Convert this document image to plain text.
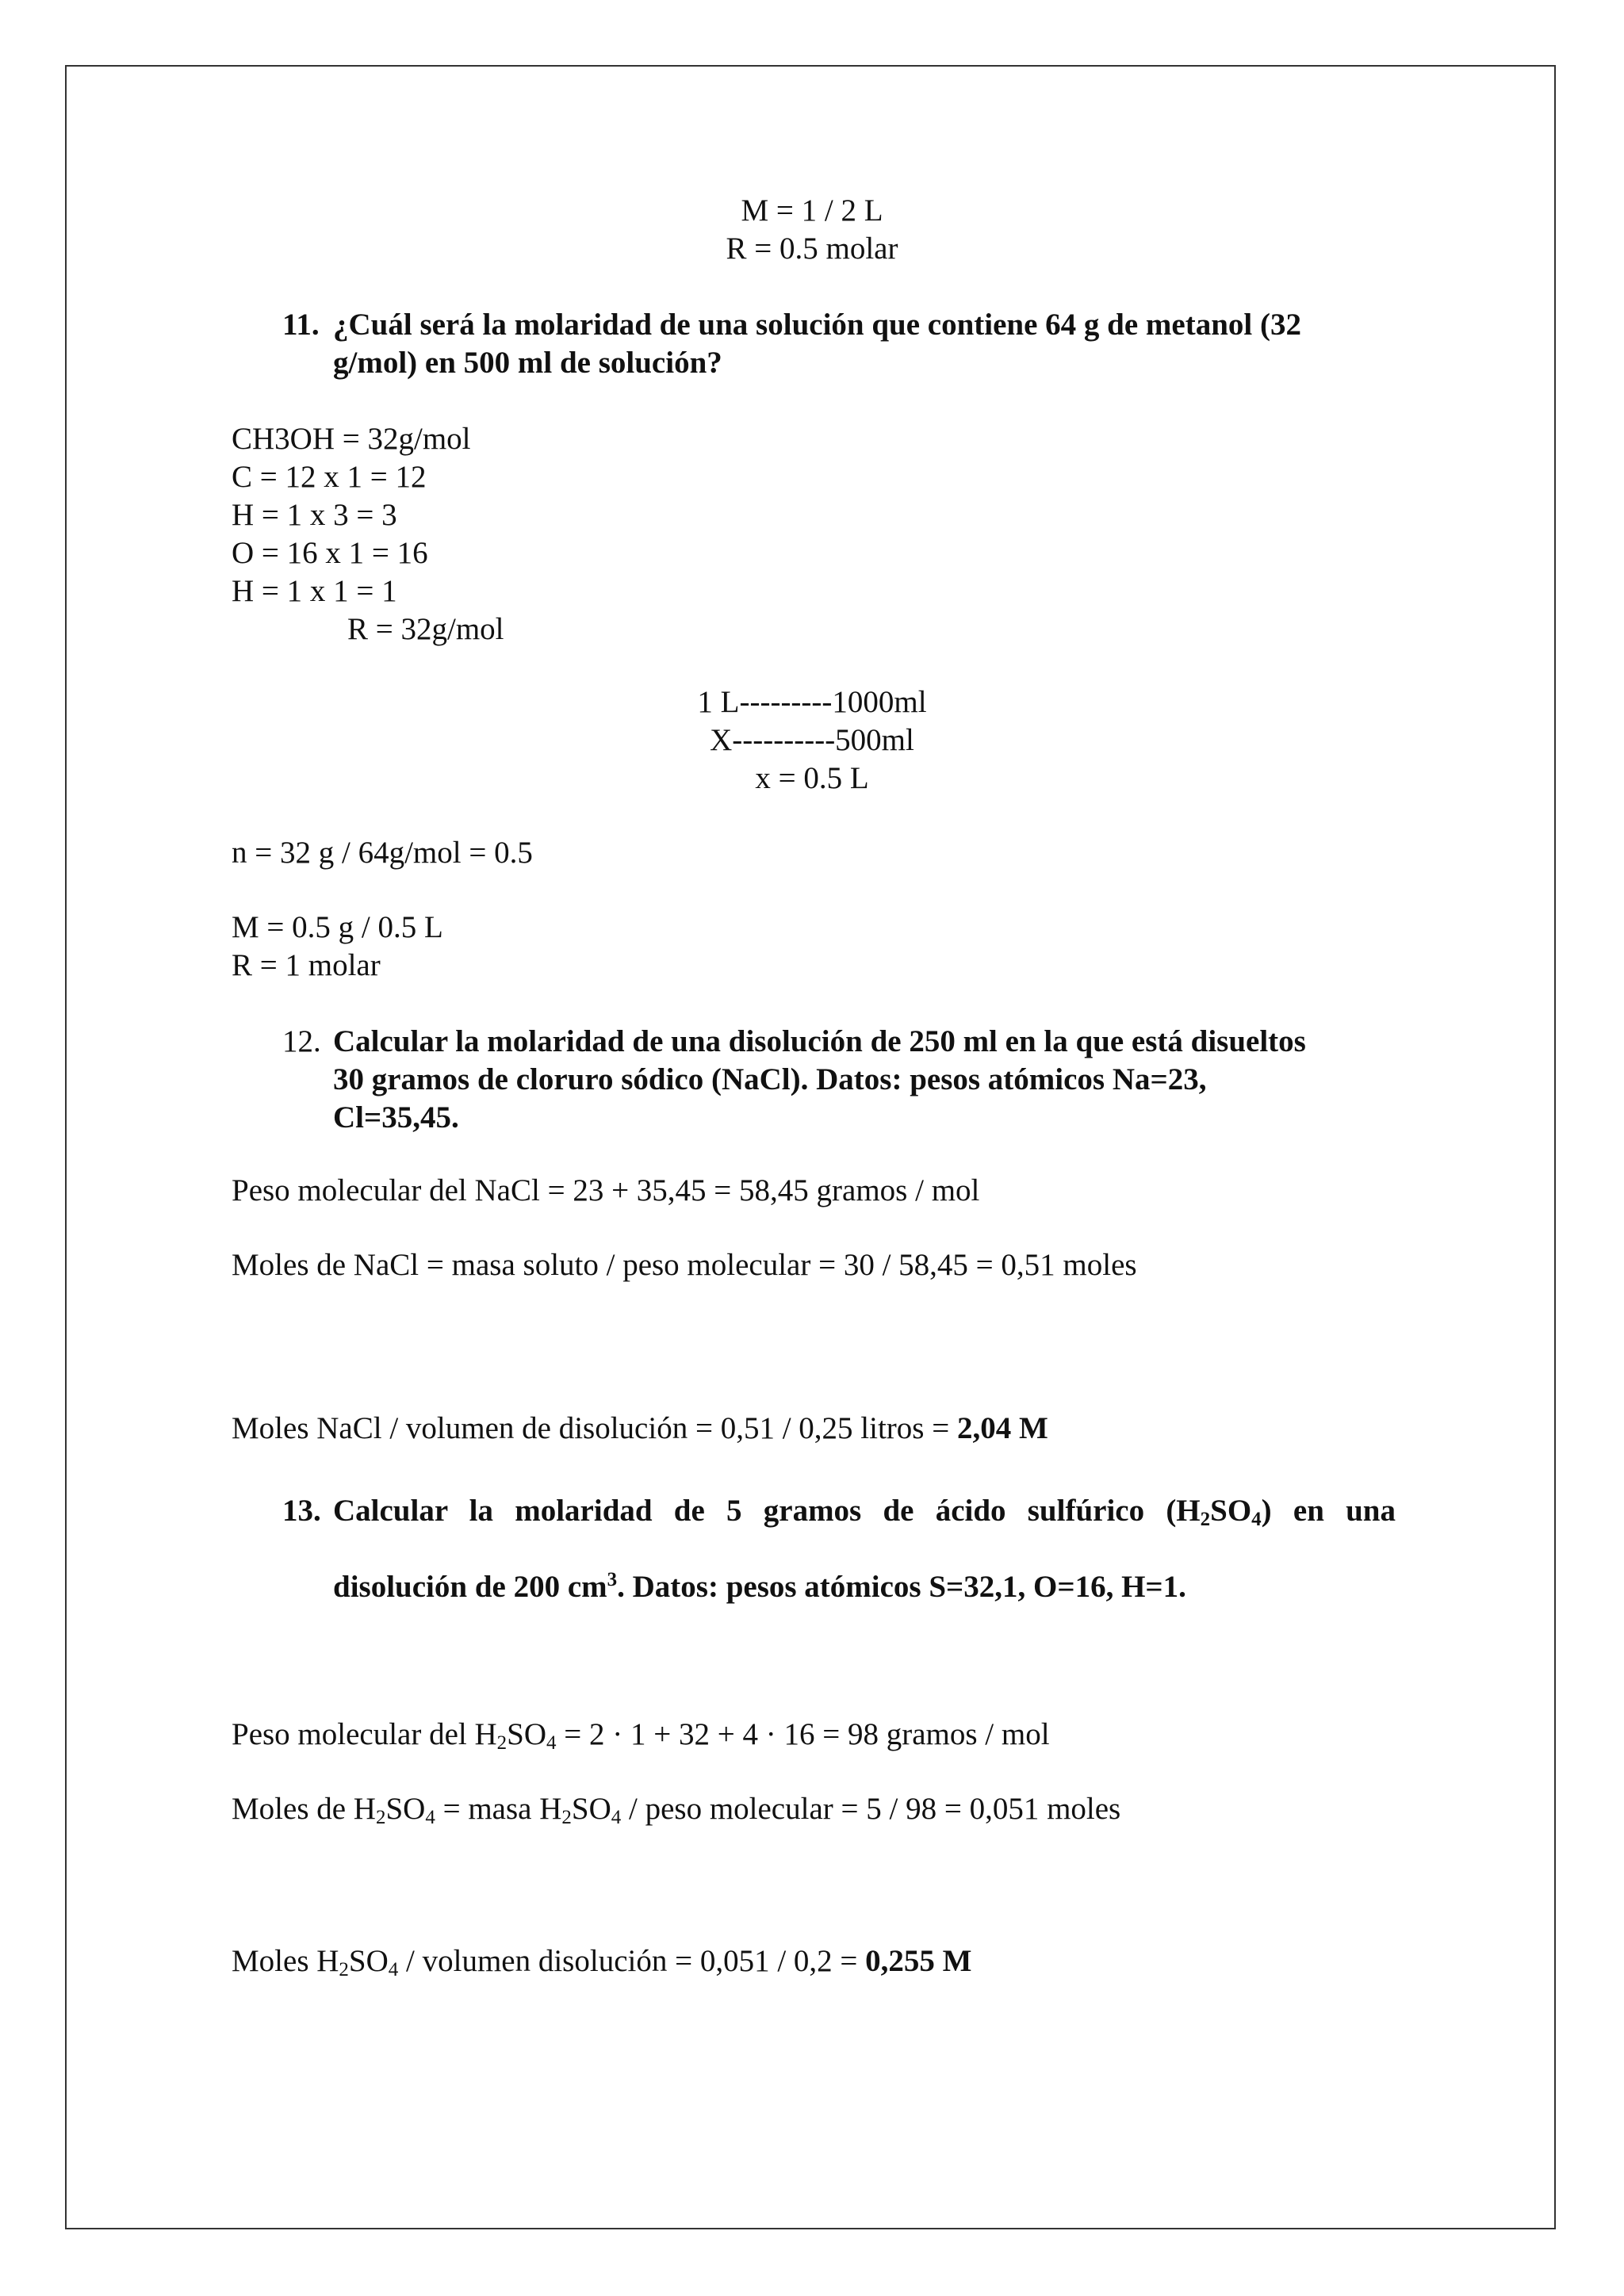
M = 1 / 2 L
R = 0.5 molar
11. ¿Cuál será la molaridad de una solución que contiene 64 g de metanol (32
g/mol) en 500 ml de solución?
CH3OH = 32g/mol
C = 12 x 1 = 12
H = 1 x 3 = 3
O = 16 x 1 = 16
H = 1 x 1 = 1
R = 32g/mol
1 L---------1000ml
X----------500ml
x = 0.5 L
n = 32 g / 64g/mol = 0.5
M = 0.5 g / 0.5 L
R = 1 molar
12. Calcular la molaridad de una disolución de 250 ml en la que está disueltos
30 gramos de cloruro sódico (NaCl). Datos: pesos atómicos Na=23,
Cl=35,45.
Peso molecular del NaCl = 23 + 35,45 = 58,45 gramos / mol
Moles de NaCl = masa soluto / peso molecular = 30 / 58,45 = 0,51 moles
Moles NaCl / volumen de disolución = 0,51 / 0,25 litros = 2,04 M
13. Calcular la molaridad de 5 gramos de ácido sulfúrico $(H_2SO_4)$ en una
disolución de 200 $cm^3$. Datos: pesos atómicos S=32,1, O=16, H=1.
Peso molecular del $H_2SO_4 = 2 \cdot 1 + 32 + 4 \cdot 16 = 98$ gramos / mol
Moles de $H_2SO_4$ = masa $H_2SO_4$ / peso molecular = 5 / 98 = 0,051 moles
Moles $H_2SO_4$ / volumen disolución = 0,051 / 0,2 = 0,255 M
